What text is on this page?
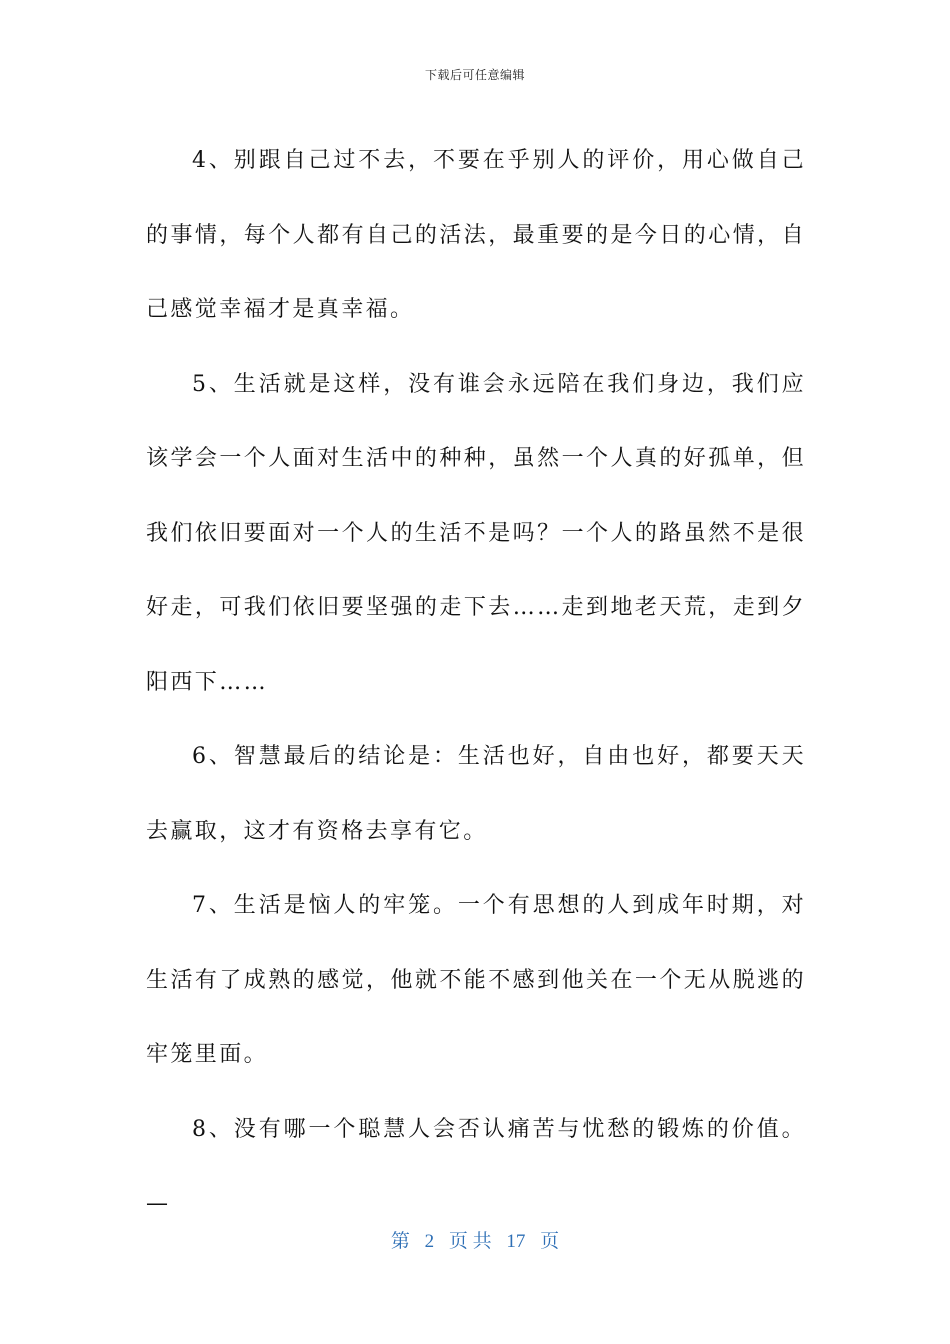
下载后可任意编辑

4、别跟自己过不去，不要在乎别人的评价，用心做自己的事情，每个人都有自己的活法，最重要的是今日的心情，自己感觉幸福才是真幸福。

5、生活就是这样，没有谁会永远陪在我们身边，我们应该学会一个人面对生活中的种种，虽然一个人真的好孤单，但我们依旧要面对一个人的生活不是吗？一个人的路虽然不是很好走，可我们依旧要坚强的走下去……走到地老天荒，走到夕阳西下……

6、智慧最后的结论是：生活也好，自由也好，都要天天去赢取，这才有资格去享有它。

7、生活是恼人的牢笼。一个有思想的人到成年时期，对生活有了成熟的感觉，他就不能不感到他关在一个无从脱逃的牢笼里面。

8、没有哪一个聪慧人会否认痛苦与忧愁的锻炼的价值。—

第 2 页 共 17 页
